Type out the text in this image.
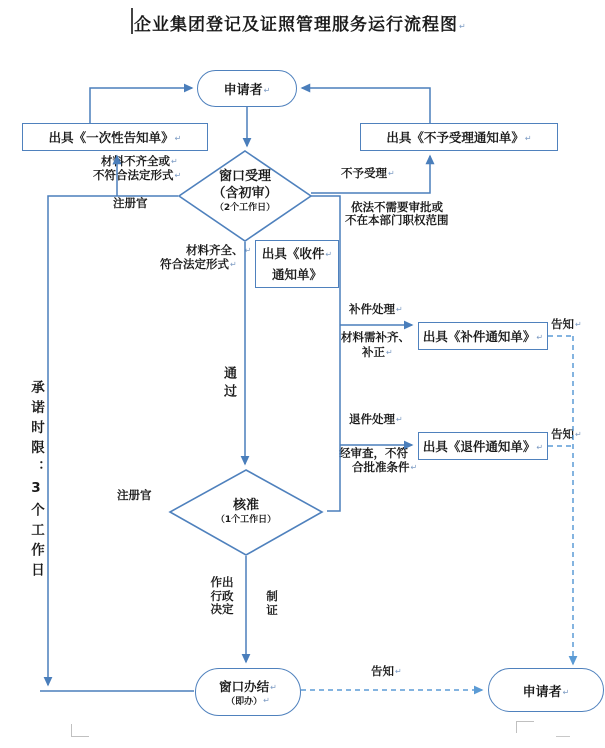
企业集团登记及证照管理服务运行流程图↵
申请者↵
窗口办结↵
（即办）↵
申请者↵
出具《一次性告知单》↵	出具《不予受理通知单》↵
出具《收件↵
通知单》
出具《补件通知单》↵
出具《退件通知单》↵
窗口受理
（含初审）
（2个工作日）
核准
（1个工作日）
材料不齐全或↵
不符合法定形式↵
注册官
不予受理↵
依法不需要审批或
不在本部门职权范围
材料齐全、↵
符合法定形式↵
通过
补件处理↵
材料需补齐、
补正↵
退件处理↵
经审查，不符
合批准条件↵
告知↵
告知↵
告知↵
注册官
作出
行政
决定
制
证
承诺时限：3个工作日
